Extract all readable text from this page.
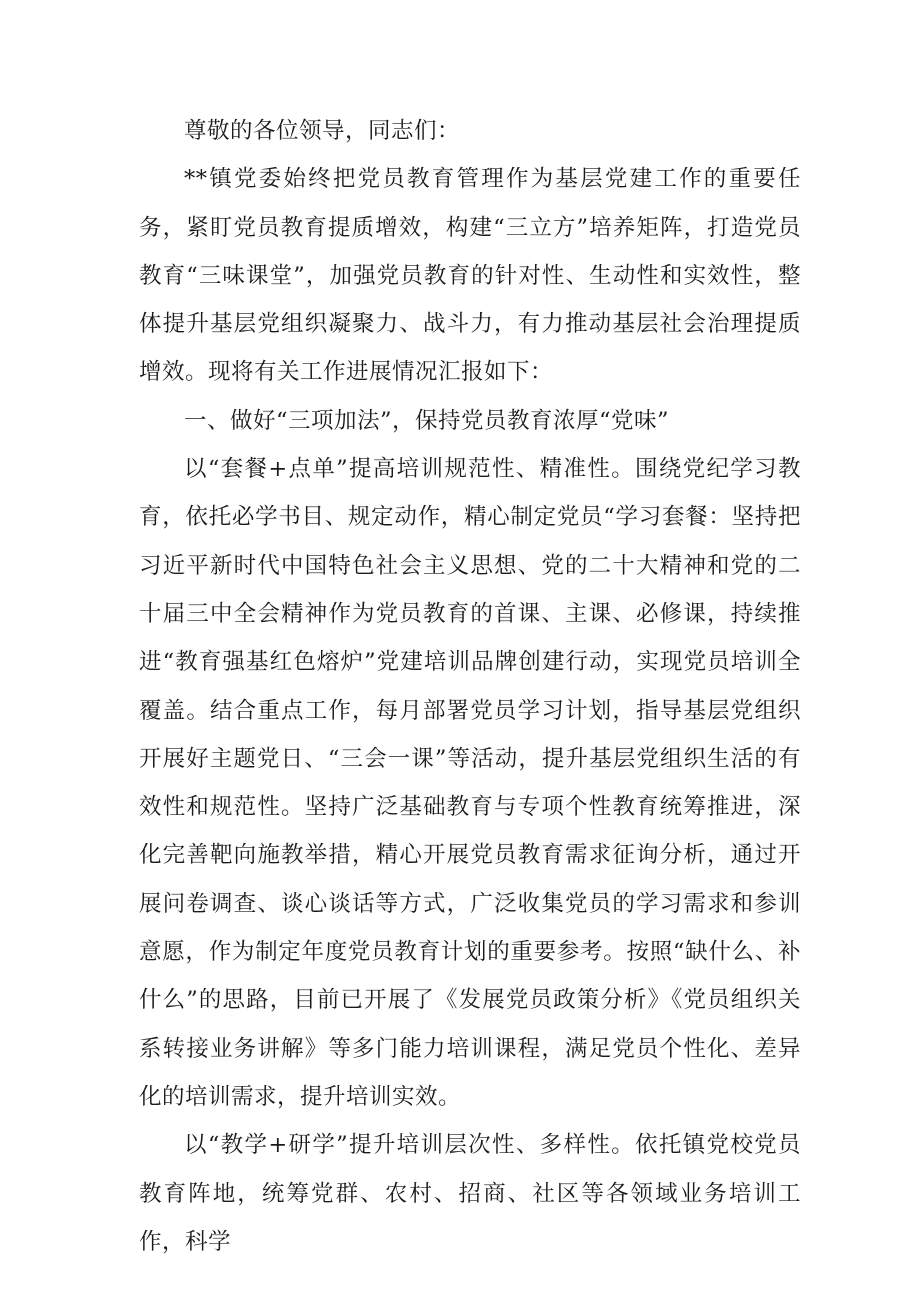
尊敬的各位领导，同志们：

**镇党委始终把党员教育管理作为基层党建工作的重要任务，紧盯党员教育提质增效，构建“三立方”培养矩阵，打造党员教育“三味课堂”，加强党员教育的针对性、生动性和实效性，整体提升基层党组织凝聚力、战斗力，有力推动基层社会治理提质增效。现将有关工作进展情况汇报如下：

一、做好“三项加法”，保持党员教育浓厚“党味”

以“套餐+点单”提高培训规范性、精准性。围绕党纪学习教育，依托必学书目、规定动作，精心制定党员“学习套餐：坚持把习近平新时代中国特色社会主义思想、党的二十大精神和党的二十届三中全会精神作为党员教育的首课、主课、必修课，持续推进“教育强基红色熔炉”党建培训品牌创建行动，实现党员培训全覆盖。结合重点工作，每月部署党员学习计划，指导基层党组织开展好主题党日、“三会一课”等活动，提升基层党组织生活的有效性和规范性。坚持广泛基础教育与专项个性教育统筹推进，深化完善靶向施教举措，精心开展党员教育需求征询分析，通过开展问卷调查、谈心谈话等方式，广泛收集党员的学习需求和参训意愿，作为制定年度党员教育计划的重要参考。按照“缺什么、补什么”的思路，目前已开展了《发展党员政策分析》《党员组织关系转接业务讲解》等多门能力培训课程，满足党员个性化、差异化的培训需求，提升培训实效。

以“教学+研学”提升培训层次性、多样性。依托镇党校党员教育阵地，统筹党群、农村、招商、社区等各领域业务培训工作，科学
